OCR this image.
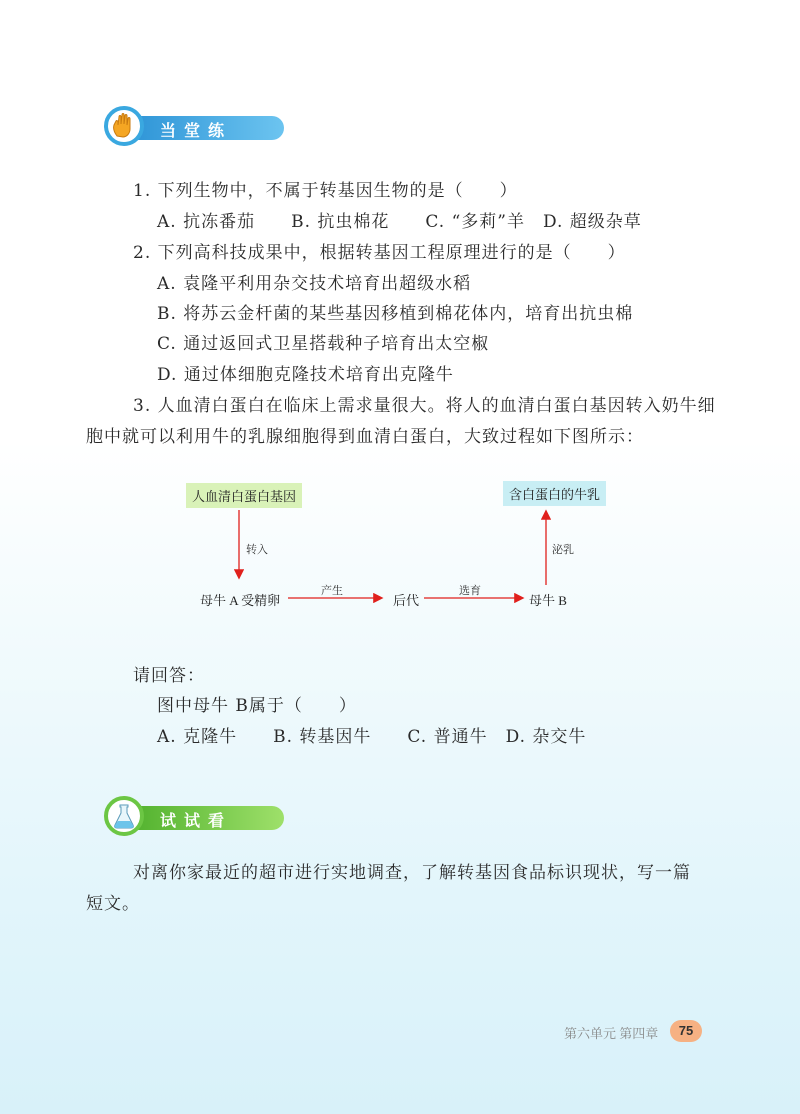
当堂练
1. 下列生物中，不属于转基因生物的是（　　）
A. 抗冻番茄　　B. 抗虫棉花　　C. “多莉”羊　D. 超级杂草
2. 下列高科技成果中，根据转基因工程原理进行的是（　　）
A. 袁隆平利用杂交技术培育出超级水稻
B. 将苏云金杆菌的某些基因移植到棉花体内，培育出抗虫棉
C. 通过返回式卫星搭载种子培育出太空椒
D. 通过体细胞克隆技术培育出克隆牛
3. 人血清白蛋白在临床上需求量很大。将人的血清白蛋白基因转入奶牛细
胞中就可以利用牛的乳腺细胞得到血清白蛋白，大致过程如下图所示：
人血清白蛋白基因	含白蛋白的牛乳
转入
母牛 A 受精卵
产生
后代
选育
母牛 B
泌乳
请回答：
图中母牛 B属于（　　）
A. 克隆牛　　B. 转基因牛　　C. 普通牛　D. 杂交牛
试试看
对离你家最近的超市进行实地调查，了解转基因食品标识现状，写一篇
短文。
第六单元 第四章	75
